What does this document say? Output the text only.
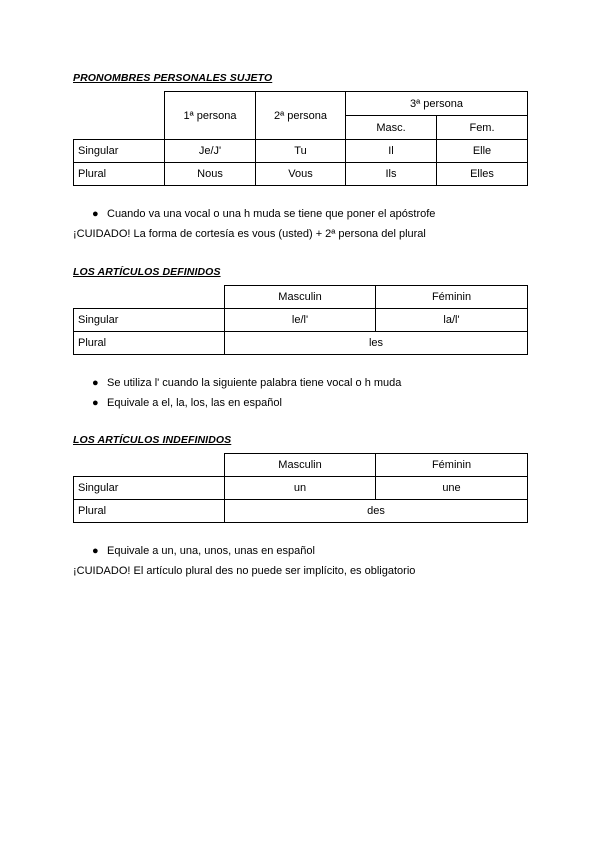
PRONOMBRES PERSONALES SUJETO
	1ª persona	2ª persona	3ª persona	
			Masc.	Fem.
Singular	Je/J'	Tu	Il	Elle
Plural	Nous	Vous	Ils	Elles
● Cuando va una vocal o una h muda se tiene que poner el apóstrofe
¡CUIDADO! La forma de cortesía es vous (usted) + 2ª persona del plural
LOS ARTÍCULOS DEFINIDOS
	Masculin	Féminin
Singular	le/l'	la/l'
Plural	les	
● Se utiliza l' cuando la siguiente palabra tiene vocal o h muda
● Equivale a el, la, los, las en español
LOS ARTÍCULOS INDEFINIDOS
	Masculin	Féminin
Singular	un	une
Plural	des	
● Equivale a un, una, unos, unas en español
¡CUIDADO! El artículo plural des no puede ser implícito, es obligatorio
